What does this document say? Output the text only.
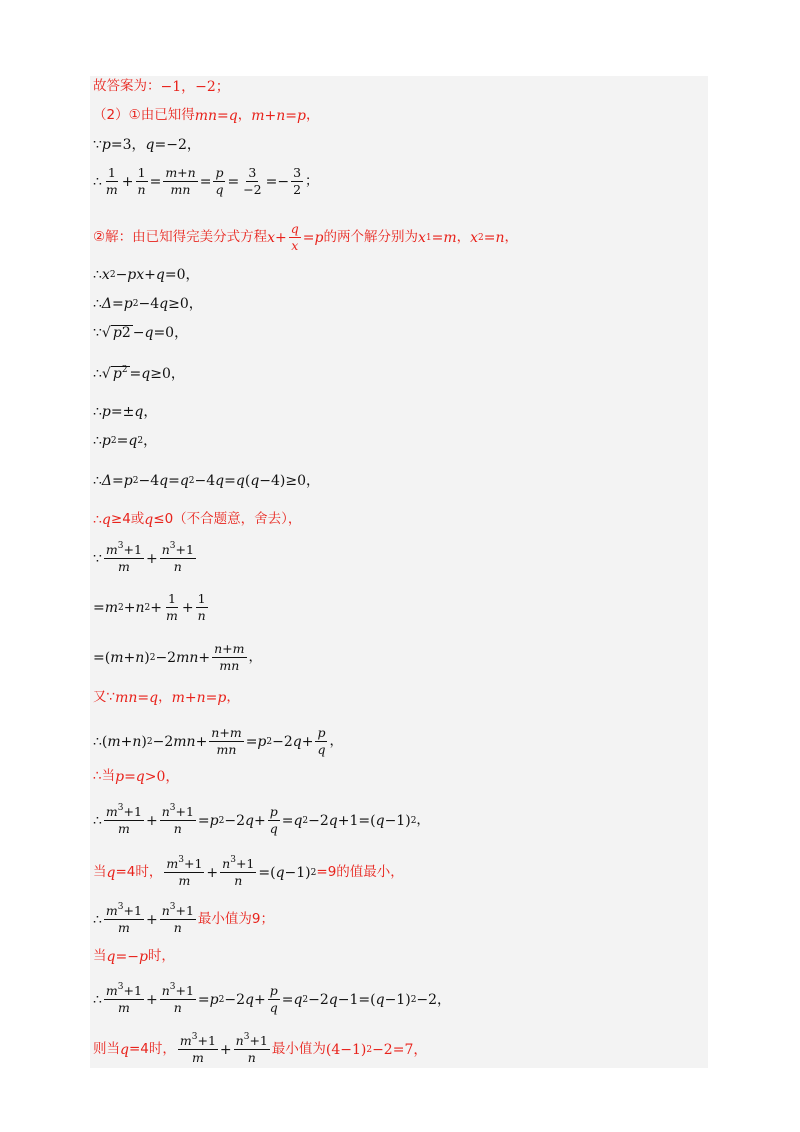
故答案为： −1，−2；
（2）①由已知得 mn = q ， m + n = p ，
∵ p =3， q =−2，
∴ $\frac{1}{m} + \frac{1}{n} = \frac{m+n}{mn} = \frac{p}{q} = \frac{3}{-2} =- \frac{3}{2}$ ；
②解：由已知得完美分式方程 $x + \frac{q}{x} = p$ 的两个解分别为 x 1 = m ， x 2 = n ，
∴ x 2 − px + q =0，
∴ Δ = p 2 −4 q ≥0，
∵ √ p2 − q =0，
∴ √ $p^2 = q \ge 0$，
∴ p =± q ，
∴ p 2 = q 2 ，
∴ Δ = p 2 −4 q = q 2 −4 q = q ( q −4)≥0，
∴ q ≥4或 q ≤0（不合题意，舍去），
∵ $\frac{m^3+1}{m} + \frac{n^3+1}{n}$
= m 2 + n $2 + \frac{1}{m} + \frac{1}{n}$
=( m + n ) 2 −2 mn + $\frac{n+m}{mn}$ ，
又∵ mn = q ， m + n = p ，
∴( m + n ) 2 −2 mn + $\frac{n+m}{mn} = p$ 2 −2 $q + \frac{p}{q}$ ，
∴当 p = q >0，
∴ $\frac{m^3+1}{m} + \frac{n^3+1}{n} = p$ 2 −2 $q + \frac{p}{q} = q$ 2 −2 q +1=( q −1) 2 ，
当 q =4时， $\frac{m^3+1}{m} + \frac{n^3+1}{n}$ =( q −1) 2 =9的值最小，
∴ $\frac{m^3+1}{m} + \frac{n^3+1}{n}$ 最小值为9；
当 q =− p 时，
∴ $\frac{m^3+1}{m} + \frac{n^3+1}{n} = p$ 2 −2 $q + \frac{p}{q} = q$ 2 −2 q −1=( q −1) 2 −2，
则当 q =4时， $\frac{m^3+1}{m} + \frac{n^3+1}{n}$ 最小值为 (4−1) 2 −2=7，
